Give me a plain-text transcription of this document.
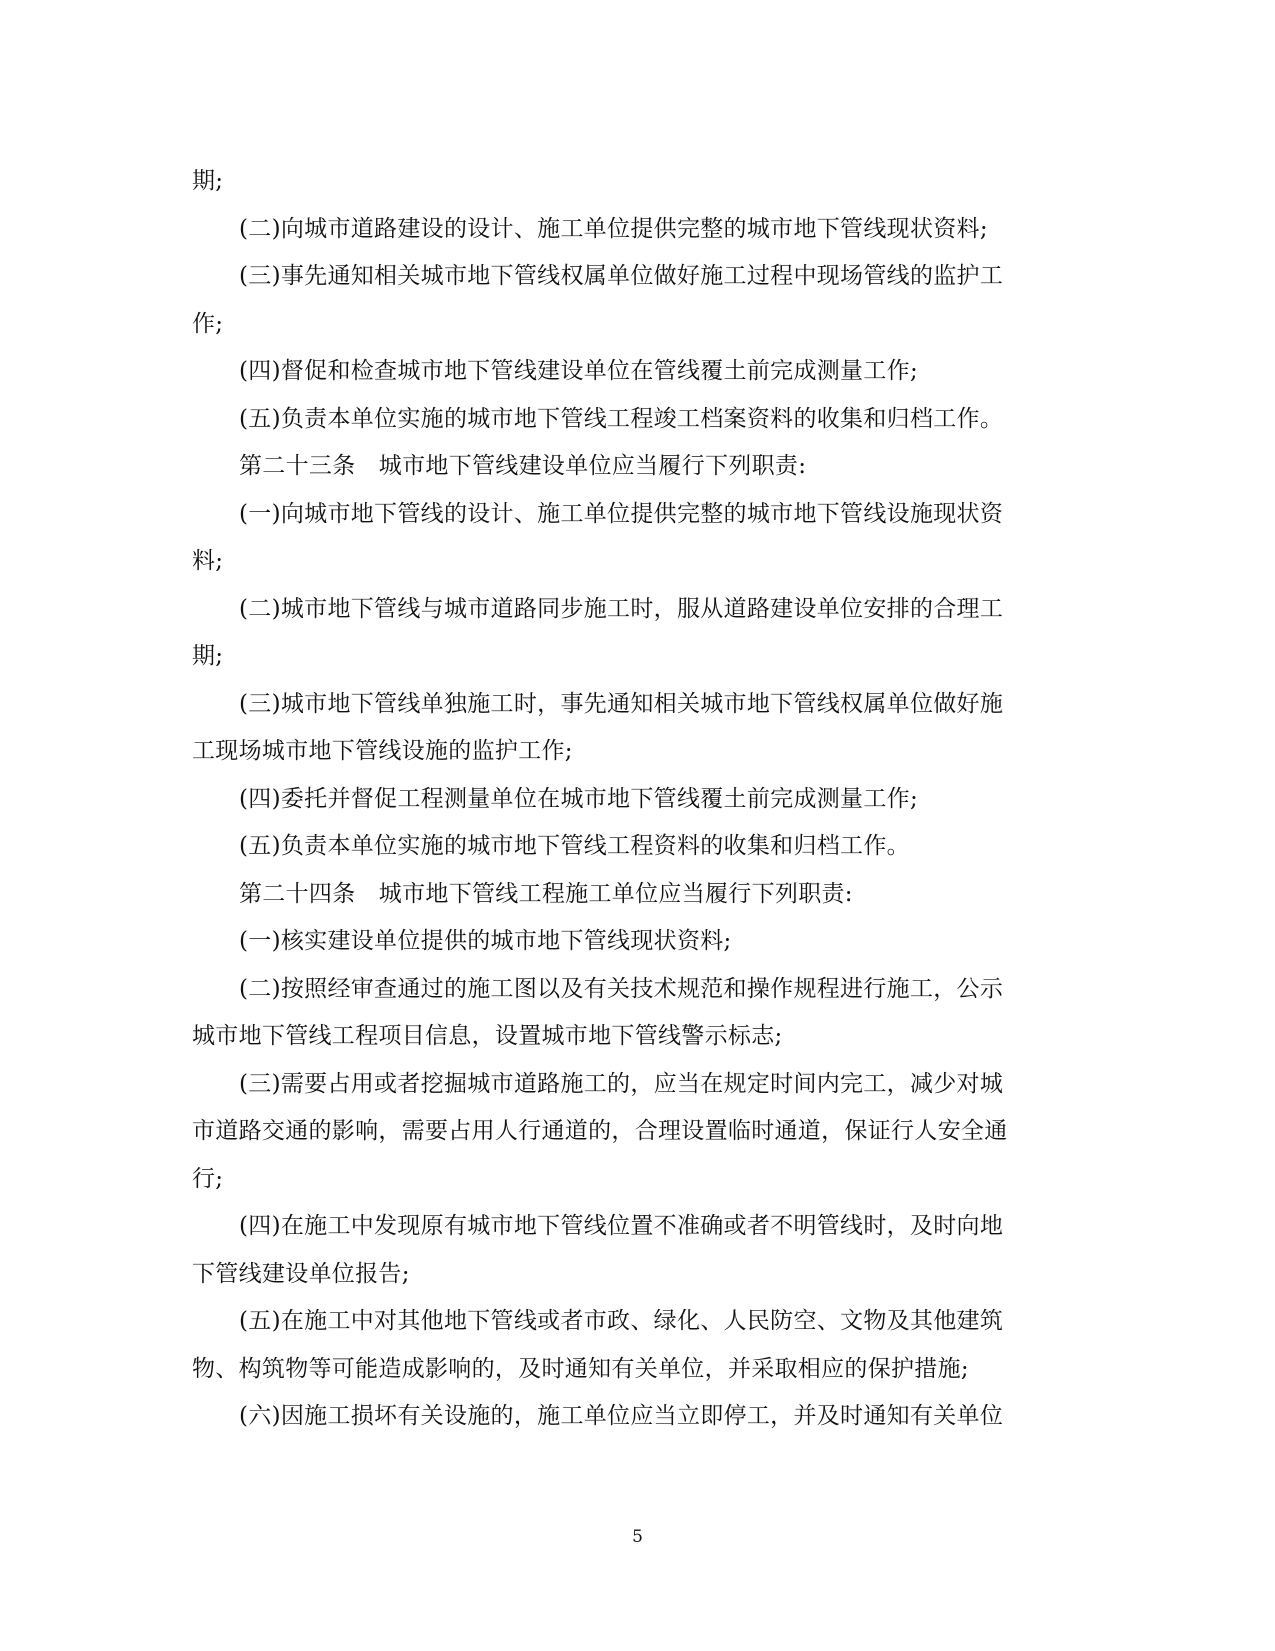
期;
(二)向城市道路建设的设计、施工单位提供完整的城市地下管线现状资料;
(三)事先通知相关城市地下管线权属单位做好施工过程中现场管线的监护工
作;
(四)督促和检查城市地下管线建设单位在管线覆土前完成测量工作;
(五)负责本单位实施的城市地下管线工程竣工档案资料的收集和归档工作。
第二十三条　城市地下管线建设单位应当履行下列职责:
(一)向城市地下管线的设计、施工单位提供完整的城市地下管线设施现状资
料;
(二)城市地下管线与城市道路同步施工时，服从道路建设单位安排的合理工
期;
(三)城市地下管线单独施工时，事先通知相关城市地下管线权属单位做好施
工现场城市地下管线设施的监护工作;
(四)委托并督促工程测量单位在城市地下管线覆土前完成测量工作;
(五)负责本单位实施的城市地下管线工程资料的收集和归档工作。
第二十四条　城市地下管线工程施工单位应当履行下列职责:
(一)核实建设单位提供的城市地下管线现状资料;
(二)按照经审查通过的施工图以及有关技术规范和操作规程进行施工，公示
城市地下管线工程项目信息，设置城市地下管线警示标志;
(三)需要占用或者挖掘城市道路施工的，应当在规定时间内完工，减少对城
市道路交通的影响，需要占用人行通道的，合理设置临时通道，保证行人安全通
行;
(四)在施工中发现原有城市地下管线位置不准确或者不明管线时，及时向地
下管线建设单位报告;
(五)在施工中对其他地下管线或者市政、绿化、人民防空、文物及其他建筑
物、构筑物等可能造成影响的，及时通知有关单位，并采取相应的保护措施;
(六)因施工损坏有关设施的，施工单位应当立即停工，并及时通知有关单位
5
